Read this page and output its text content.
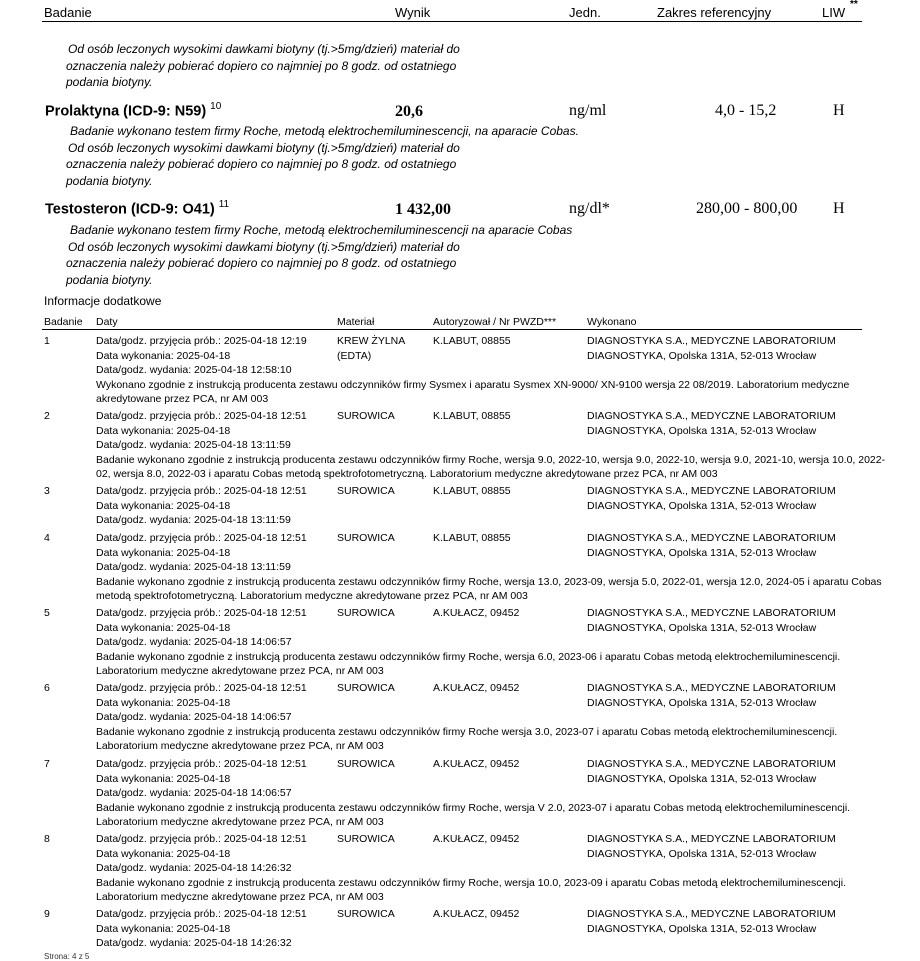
Badanie	Wynik	Jedn.	Zakres referencyjny	LIW
**
Od osób leczonych wysokimi dawkami biotyny (tj.>5mg/dzień) materiał do
oznaczenia należy pobierać dopiero co najmniej po 8 godz. od ostatniego
podania biotyny.
Prolaktyna (ICD-9: N59) $^{10}$	20,6	ng/ml	4,0 - 15,2	H
Badanie wykonano testem firmy Roche, metodą elektrochemiluminescencji, na aparacie Cobas.
Od osób leczonych wysokimi dawkami biotyny (tj.>5mg/dzień) materiał do
oznaczenia należy pobierać dopiero co najmniej po 8 godz. od ostatniego
podania biotyny.
Testosteron (ICD-9: O41) $^{11}$	1 432,00	ng/dl*	280,00 - 800,00 H
Badanie wykonano testem firmy Roche, metodą elektrochemiluminescencji na aparacie Cobas
Od osób leczonych wysokimi dawkami biotyny (tj.>5mg/dzień) materiał do
oznaczenia należy pobierać dopiero co najmniej po 8 godz. od ostatniego
podania biotyny.
Informacje dodatkowe
Badanie Daty	Materiał	Autoryzował / Nr PWZD***	Wykonano
1	Data/godz. przyjęcia prób.: 2025-04-18 12:19
Data wykonania: 2025-04-18
Data/godz. wydania: 2025-04-18 12:58:10
KREW ŻYLNA
(EDTA)
K.LABUT, 08855	DIAGNOSTYKA S.A., MEDYCZNE LABORATORIUM
DIAGNOSTYKA, Opolska 131A, 52-013 Wrocław
Wykonano zgodnie z instrukcją producenta zestawu odczynników firmy Sysmex i aparatu Sysmex XN-9000/ XN-9100 wersja 22 08/2019. Laboratorium medyczne akredytowane przez PCA, nr AM 003
2	Data/godz. przyjęcia prób.: 2025-04-18 12:51
Data wykonania: 2025-04-18
Data/godz. wydania: 2025-04-18 13:11:59
SUROWICA	K.LABUT, 08855	DIAGNOSTYKA S.A., MEDYCZNE LABORATORIUM
DIAGNOSTYKA, Opolska 131A, 52-013 Wrocław
Badanie wykonano zgodnie z instrukcją producenta zestawu odczynników firmy Roche, wersja 9.0, 2022-10, wersja 9.0, 2022-10, wersja 9.0, 2021-10, wersja 10.0, 2022-02, wersja 8.0, 2022-03 i aparatu Cobas metodą spektrofotometryczną. Laboratorium medyczne akredytowane przez PCA, nr AM 003
3	Data/godz. przyjęcia prób.: 2025-04-18 12:51
Data wykonania: 2025-04-18
Data/godz. wydania: 2025-04-18 13:11:59
SUROWICA	K.LABUT, 08855	DIAGNOSTYKA S.A., MEDYCZNE LABORATORIUM
DIAGNOSTYKA, Opolska 131A, 52-013 Wrocław
4	Data/godz. przyjęcia prób.: 2025-04-18 12:51
Data wykonania: 2025-04-18
Data/godz. wydania: 2025-04-18 13:11:59
SUROWICA	K.LABUT, 08855	DIAGNOSTYKA S.A., MEDYCZNE LABORATORIUM
DIAGNOSTYKA, Opolska 131A, 52-013 Wrocław
Badanie wykonano zgodnie z instrukcją producenta zestawu odczynników firmy Roche, wersja 13.0, 2023-09, wersja 5.0, 2022-01, wersja 12.0, 2024-05 i aparatu Cobas metodą spektrofotometryczną. Laboratorium medyczne akredytowane przez PCA, nr AM 003
5	Data/godz. przyjęcia prób.: 2025-04-18 12:51
Data wykonania: 2025-04-18
Data/godz. wydania: 2025-04-18 14:06:57
SUROWICA	A.KUŁACZ, 09452	DIAGNOSTYKA S.A., MEDYCZNE LABORATORIUM
DIAGNOSTYKA, Opolska 131A, 52-013 Wrocław
Badanie wykonano zgodnie z instrukcją producenta zestawu odczynników firmy Roche, wersja 6.0, 2023-06 i aparatu Cobas metodą elektrochemiluminescencji. Laboratorium medyczne akredytowane przez PCA, nr AM 003
6	Data/godz. przyjęcia prób.: 2025-04-18 12:51
Data wykonania: 2025-04-18
Data/godz. wydania: 2025-04-18 14:06:57
SUROWICA	A.KUŁACZ, 09452	DIAGNOSTYKA S.A., MEDYCZNE LABORATORIUM
DIAGNOSTYKA, Opolska 131A, 52-013 Wrocław
Badanie wykonano zgodnie z instrukcją producenta zestawu odczynników firmy Roche wersja 3.0, 2023-07 i aparatu Cobas metodą elektrochemiluminescencji. Laboratorium medyczne akredytowane przez PCA, nr AM 003
7	Data/godz. przyjęcia prób.: 2025-04-18 12:51
Data wykonania: 2025-04-18
Data/godz. wydania: 2025-04-18 14:06:57
SUROWICA	A.KUŁACZ, 09452	DIAGNOSTYKA S.A., MEDYCZNE LABORATORIUM
DIAGNOSTYKA, Opolska 131A, 52-013 Wrocław
Badanie wykonano zgodnie z instrukcją producenta zestawu odczynników firmy Roche, wersja V 2.0, 2023-07 i aparatu Cobas metodą elektrochemiluminescencji. Laboratorium medyczne akredytowane przez PCA, nr AM 003
8	Data/godz. przyjęcia prób.: 2025-04-18 12:51
Data wykonania: 2025-04-18
Data/godz. wydania: 2025-04-18 14:26:32
SUROWICA	A.KUŁACZ, 09452	DIAGNOSTYKA S.A., MEDYCZNE LABORATORIUM
DIAGNOSTYKA, Opolska 131A, 52-013 Wrocław
Badanie wykonano zgodnie z instrukcją producenta zestawu odczynników firmy Roche, wersja 10.0, 2023-09 i aparatu Cobas metodą elektrochemiluminescencji. Laboratorium medyczne akredytowane przez PCA, nr AM 003
9	Data/godz. przyjęcia prób.: 2025-04-18 12:51
Data wykonania: 2025-04-18
Data/godz. wydania: 2025-04-18 14:26:32
SUROWICA	A.KUŁACZ, 09452	DIAGNOSTYKA S.A., MEDYCZNE LABORATORIUM
DIAGNOSTYKA, Opolska 131A, 52-013 Wrocław
Strona: 4 z 5
